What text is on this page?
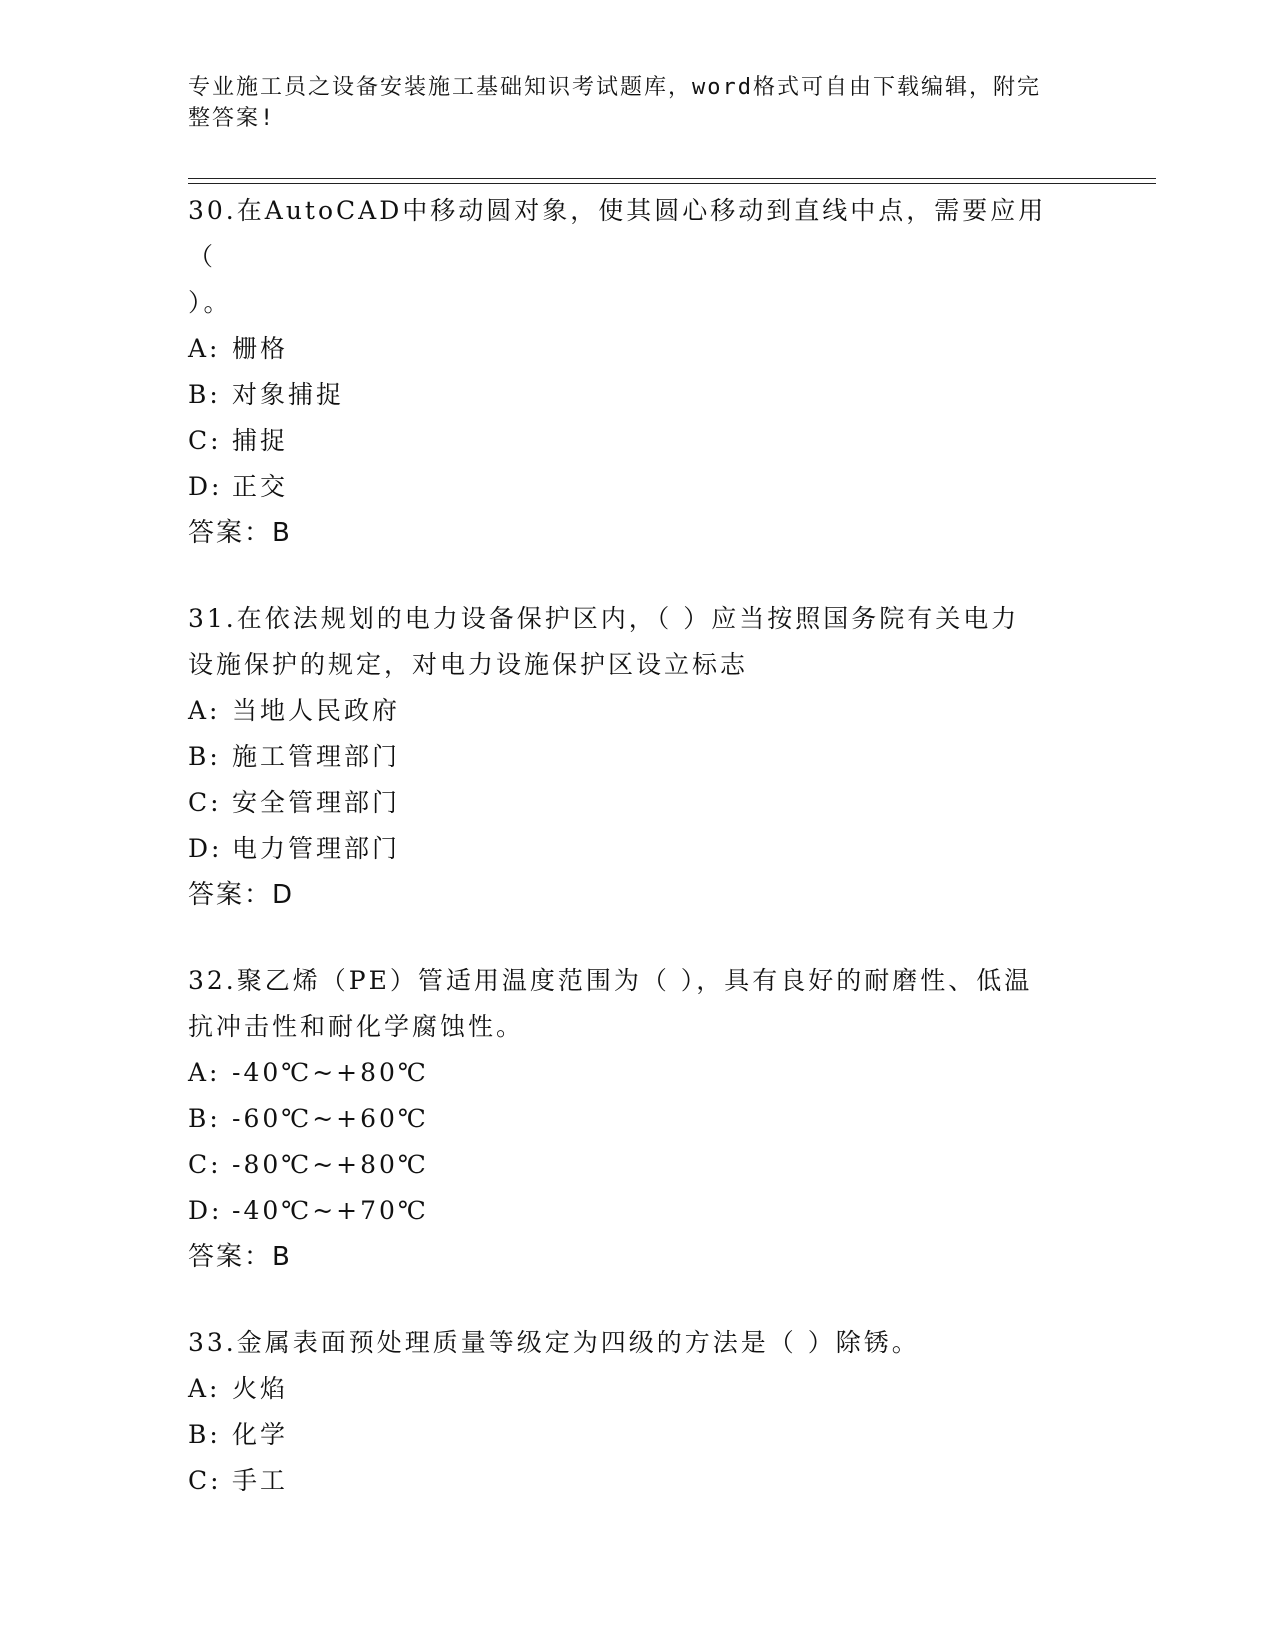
专业施工员之设备安装施工基础知识考试题库，word格式可自由下载编辑，附完
整答案!

30.在AutoCAD中移动圆对象，使其圆心移动到直线中点，需要应用（

）。

A: 栅格

B: 对象捕捉

C: 捕捉

D: 正交

答案：B

31.在依法规划的电力设备保护区内，（ ）应当按照国务院有关电力

设施保护的规定，对电力设施保护区设立标志

A: 当地人民政府

B: 施工管理部门

C: 安全管理部门

D: 电力管理部门

答案：D

32.聚乙烯（PE）管适用温度范围为（ ），具有良好的耐磨性、低温

抗冲击性和耐化学腐蚀性。

A: -40℃~+80℃

B: -60℃~+60℃

C: -80℃~+80℃

D: -40℃~+70℃

答案：B

33.金属表面预处理质量等级定为四级的方法是（ ）除锈。

A: 火焰

B: 化学

C: 手工
